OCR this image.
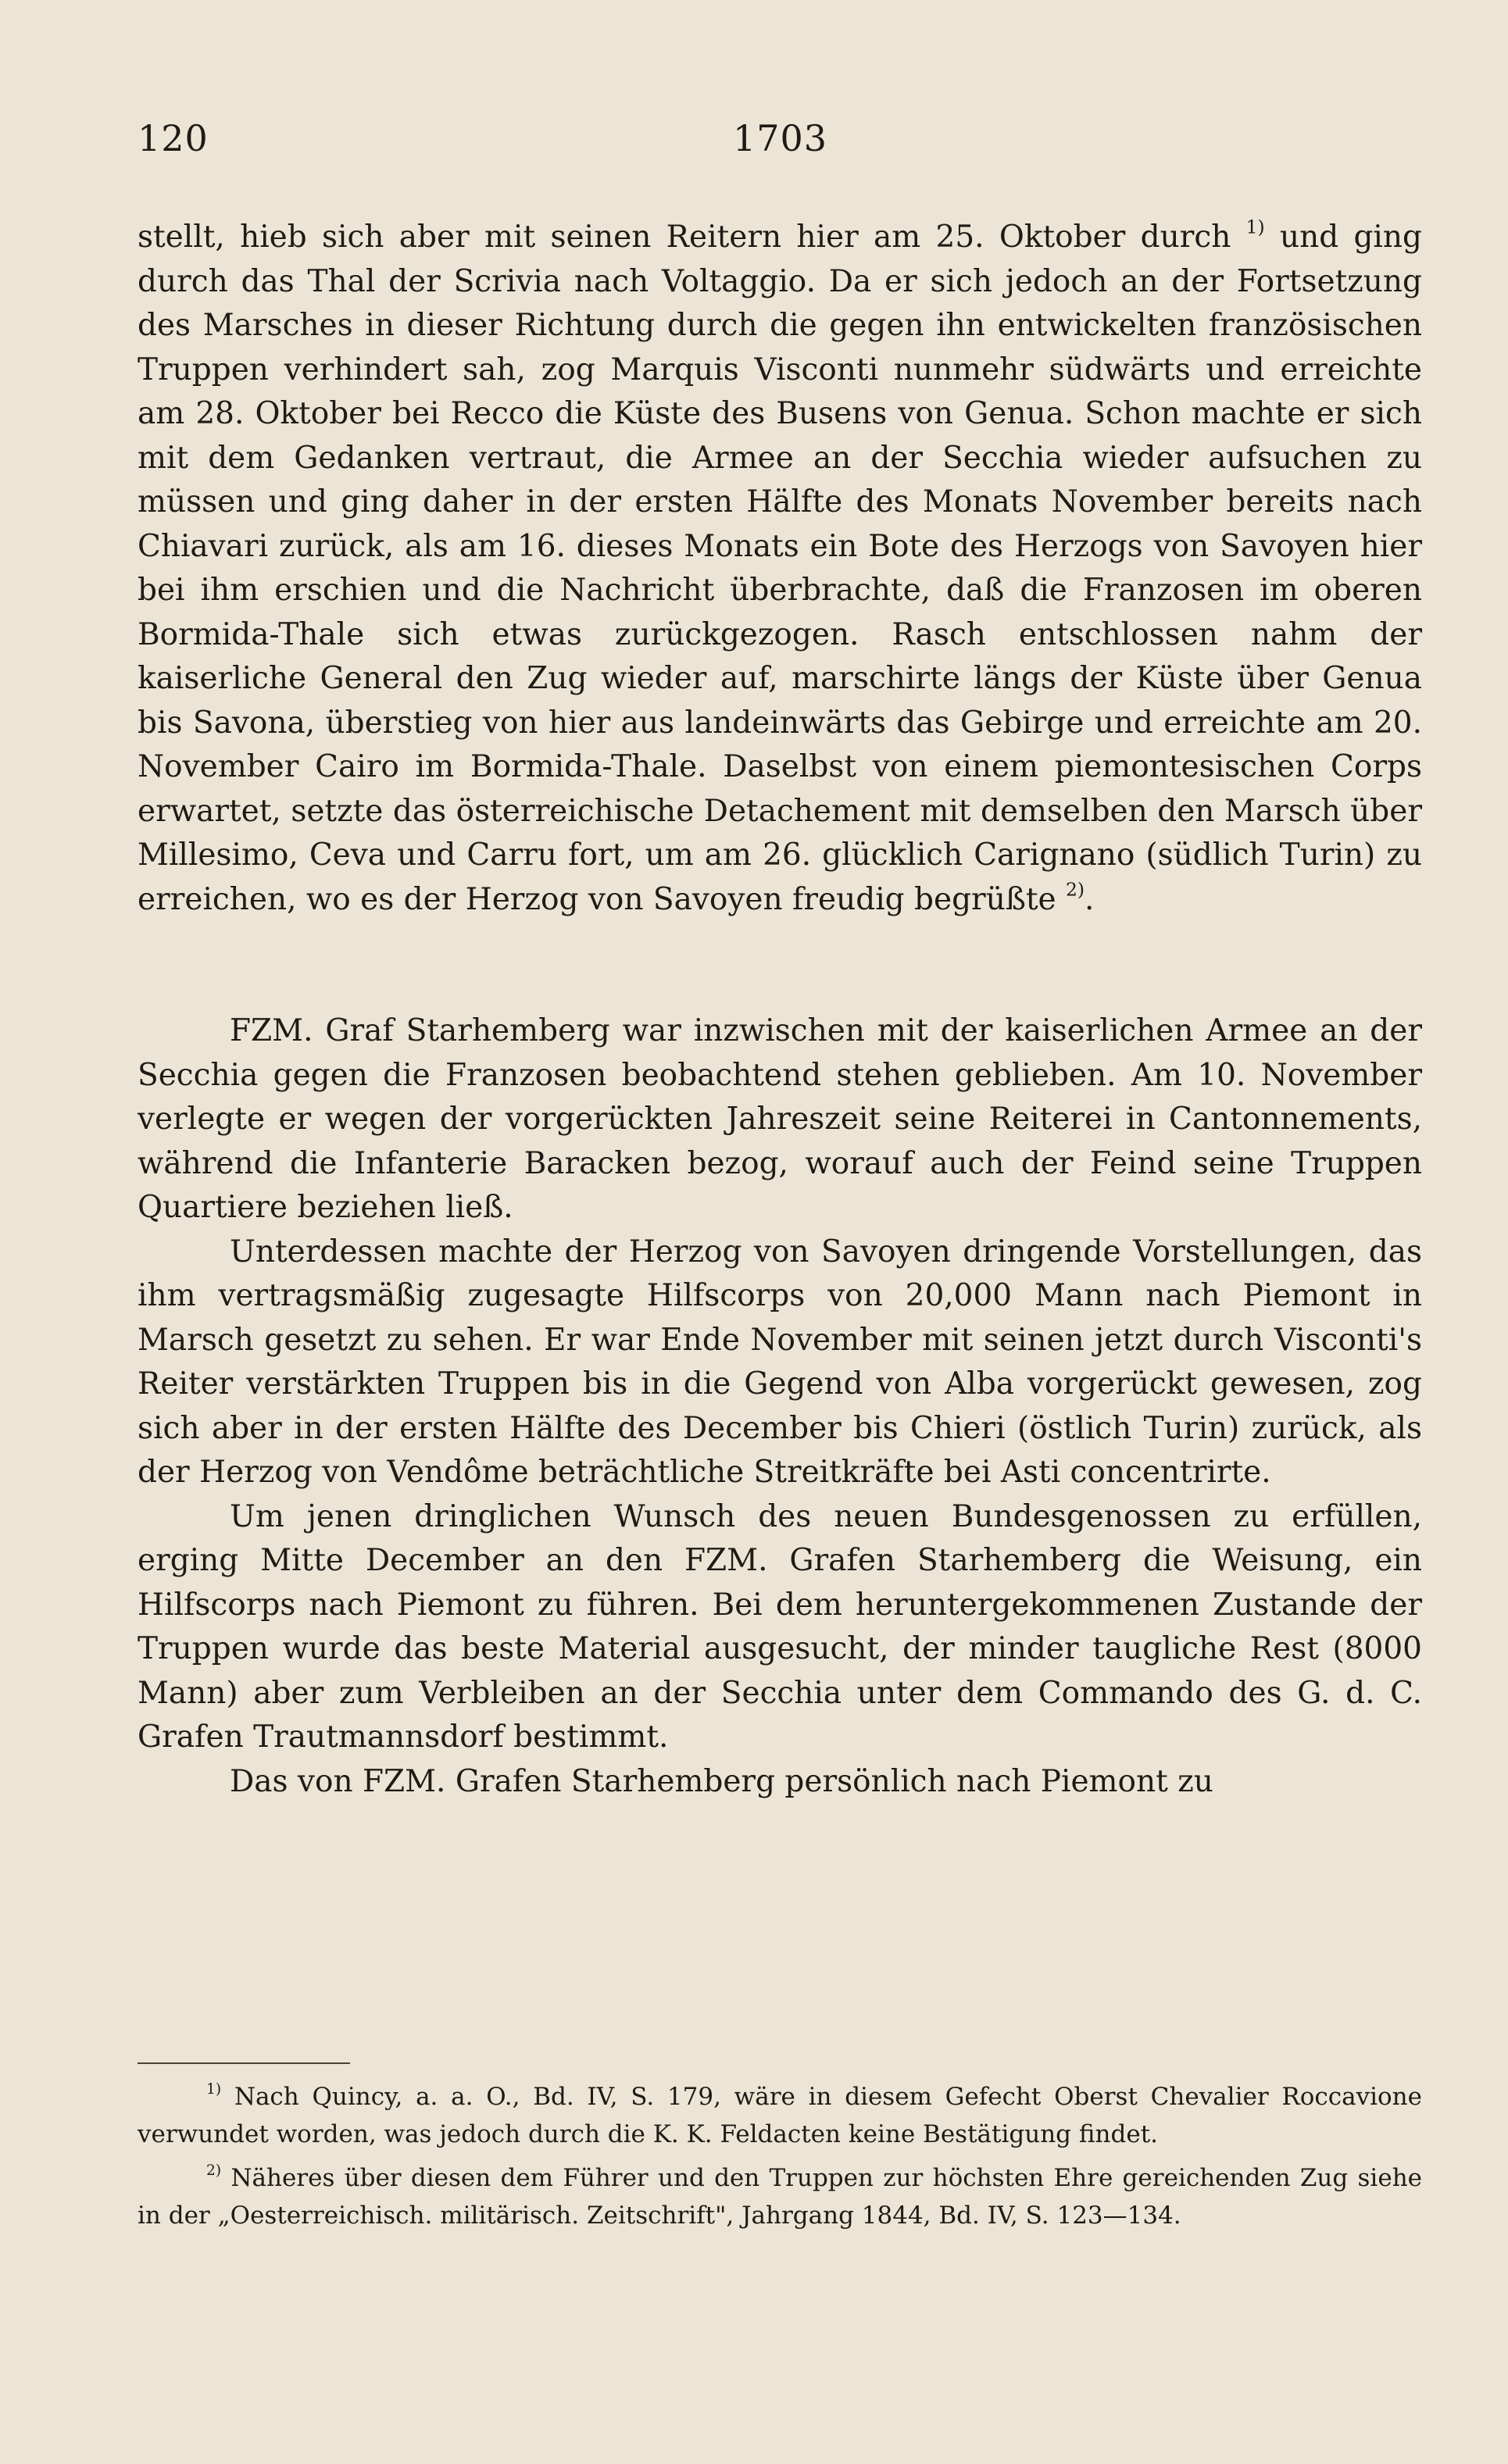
120	1703

stellt, hieb sich aber mit seinen Reitern hier am 25. Oktober durch $^{1)}$ und ging durch das Thal der Scrivia nach Voltaggio. Da er sich jedoch an der Fortsetzung des Marsches in dieser Richtung durch die gegen ihn entwickelten französischen Truppen verhindert sah, zog Marquis Visconti nunmehr südwärts und erreichte am 28. Oktober bei Recco die Küste des Busens von Genua. Schon machte er sich mit dem Gedanken vertraut, die Armee an der Secchia wieder aufsuchen zu müssen und ging daher in der ersten Hälfte des Monats November bereits nach Chiavari zurück, als am 16. dieses Monats ein Bote des Herzogs von Savoyen hier bei ihm erschien und die Nachricht überbrachte, daß die Franzosen im oberen Bormida-Thale sich etwas zurückgezogen. Rasch entschlossen nahm der kaiserliche General den Zug wieder auf, marschirte längs der Küste über Genua bis Savona, überstieg von hier aus landeinwärts das Gebirge und erreichte am 20. November Cairo im Bormida-Thale. Daselbst von einem piemontesischen Corps erwartet, setzte das österreichische Detachement mit demselben den Marsch über Millesimo, Ceva und Carru fort, um am 26. glücklich Carignano (südlich Turin) zu erreichen, wo es der Herzog von Savoyen freudig begrüßte $^{2)}$.

FZM. Graf Starhemberg war inzwischen mit der kaiserlichen Armee an der Secchia gegen die Franzosen beobachtend stehen geblieben. Am 10. November verlegte er wegen der vorgerückten Jahreszeit seine Reiterei in Cantonnements, während die Infanterie Baracken bezog, worauf auch der Feind seine Truppen Quartiere beziehen ließ.

Unterdessen machte der Herzog von Savoyen dringende Vorstellungen, das ihm vertragsmäßig zugesagte Hilfscorps von 20,000 Mann nach Piemont in Marsch gesetzt zu sehen. Er war Ende November mit seinen jetzt durch Visconti's Reiter verstärkten Truppen bis in die Gegend von Alba vorgerückt gewesen, zog sich aber in der ersten Hälfte des December bis Chieri (östlich Turin) zurück, als der Herzog von Vendôme beträchtliche Streitkräfte bei Asti concentrirte.

Um jenen dringlichen Wunsch des neuen Bundesgenossen zu erfüllen, erging Mitte December an den FZM. Grafen Starhemberg die Weisung, ein Hilfscorps nach Piemont zu führen. Bei dem heruntergekommenen Zustande der Truppen wurde das beste Material ausgesucht, der minder taugliche Rest (8000 Mann) aber zum Verbleiben an der Secchia unter dem Commando des G. d. C. Grafen Trautmannsdorf bestimmt.

Das von FZM. Grafen Starhemberg persönlich nach Piemont zu

$^{1)}$ Nach Quincy, a. a. O., Bd. IV, S. 179, wäre in diesem Gefecht Oberst Chevalier Roccavione verwundet worden, was jedoch durch die K. K. Feldacten keine Bestätigung findet.

$^{2)}$ Näheres über diesen dem Führer und den Truppen zur höchsten Ehre gereichenden Zug siehe in der „Oesterreichisch. militärisch. Zeitschrift", Jahrgang 1844, Bd. IV, S. 123—134.
